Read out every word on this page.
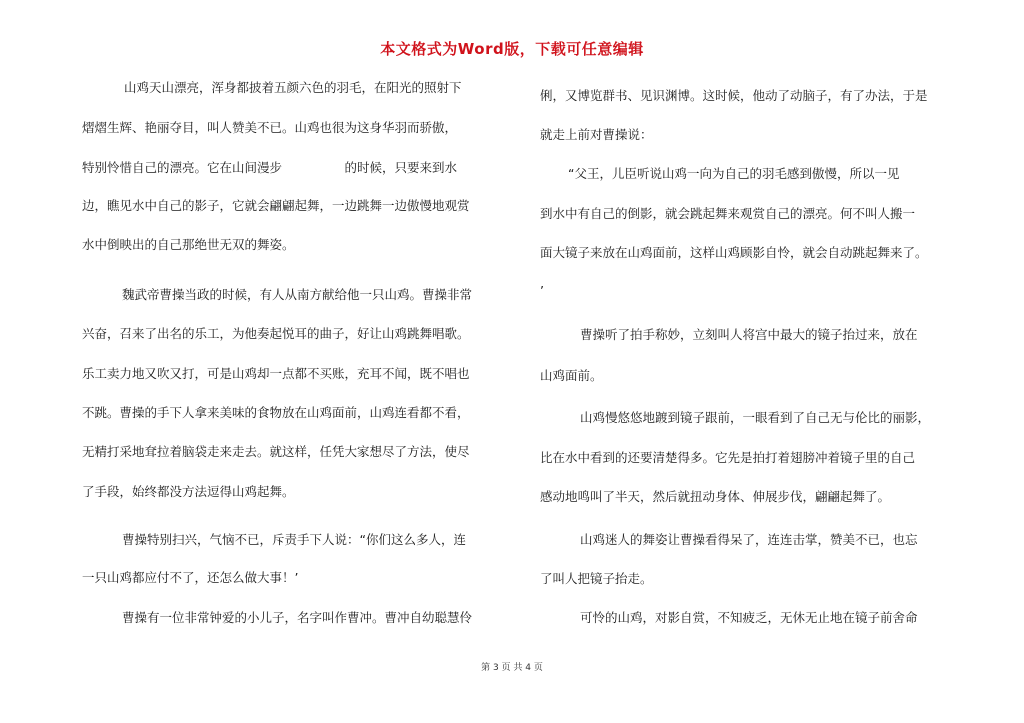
本文格式为Word版，下载可任意编辑
山鸡天山漂亮，浑身都披着五颜六色的羽毛，在阳光的照射下
熠熠生辉、艳丽夺目，叫人赞美不已。山鸡也很为这身华羽而骄傲，
特别怜惜自己的漂亮。它在山间漫步　　　　　的时候，只要来到水
边，瞧见水中自己的影子，它就会翩翩起舞，一边跳舞一边傲慢地观赏
水中倒映出的自己那绝世无双的舞姿。
魏武帝曹操当政的时候，有人从南方献给他一只山鸡。曹操非常
兴奋，召来了出名的乐工，为他奏起悦耳的曲子，好让山鸡跳舞唱歌。
乐工卖力地又吹又打，可是山鸡却一点都不买账，充耳不闻，既不唱也
不跳。曹操的手下人拿来美味的食物放在山鸡面前，山鸡连看都不看，
无精打采地耷拉着脑袋走来走去。就这样，任凭大家想尽了方法，使尽
了手段，始终都没方法逗得山鸡起舞。
曹操特别扫兴，气恼不已，斥责手下人说：“你们这么多人，连
一只山鸡都应付不了，还怎么做大事！’
曹操有一位非常钟爱的小儿子，名字叫作曹冲。曹冲自幼聪慧伶
俐，又博览群书、见识渊博。这时候，他动了动脑子，有了办法，于是
就走上前对曹操说：
“父王，儿臣听说山鸡一向为自己的羽毛感到傲慢，所以一见
到水中有自己的倒影，就会跳起舞来观赏自己的漂亮。何不叫人搬一
面大镜子来放在山鸡面前，这样山鸡顾影自怜，就会自动跳起舞来了。
’
曹操听了拍手称妙，立刻叫人将宫中最大的镜子抬过来，放在
山鸡面前。
山鸡慢悠悠地踱到镜子跟前，一眼看到了自己无与伦比的丽影，
比在水中看到的还要清楚得多。它先是拍打着翅膀冲着镜子里的自己
感动地鸣叫了半天，然后就扭动身体、伸展步伐，翩翩起舞了。
山鸡迷人的舞姿让曹操看得呆了，连连击掌，赞美不已，也忘
了叫人把镜子抬走。
可怜的山鸡，对影自赏，不知疲乏，无休无止地在镜子前舍命
第 3 页 共 4 页
